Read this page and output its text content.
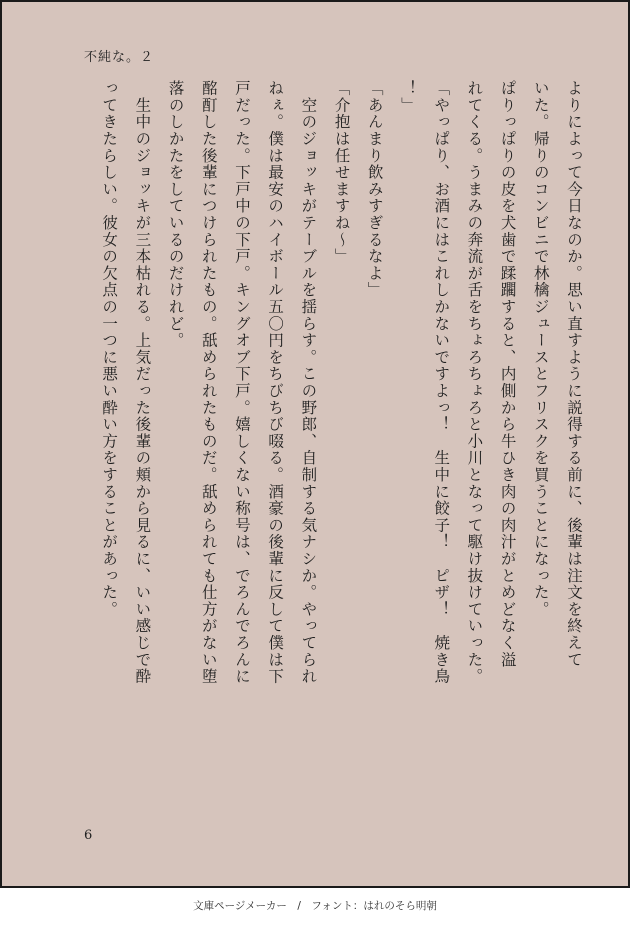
不純な。２
よりによって今日なのか。思い直すように説得する前に、後輩は注文を終えて
いた。帰りのコンビニで林檎ジュースとフリスクを買うことになった。
ぱりっぱりの皮を犬歯で蹂躙すると、内側から牛ひき肉の肉汁がとめどなく溢
れてくる。うまみの奔流が舌をちょろちょろと小川となって駆け抜けていった。
「やっぱり、お酒にはこれしかないですよっ！　生中に餃子！　ピザ！　焼き鳥
！」
「あんまり飲みすぎるなよ」
「介抱は任せますね～」
　空のジョッキがテーブルを揺らす。この野郎、自制する気ナシか。やってられ
ねぇ。僕は最安のハイボール五〇円をちびちび啜る。酒豪の後輩に反して僕は下
戸だった。下戸中の下戸。キングオブ下戸。嬉しくない称号は、でろんでろんに
酩酊した後輩につけられたもの。舐められたものだ。舐められても仕方がない堕
落のしかたをしているのだけれど。
　生中のジョッキが三本枯れる。上気だった後輩の頬から見るに、いい感じで酔
ってきたらしい。彼女の欠点の一つに悪い酔い方をすることがあった。
6
文庫ページメーカー　/　フォント：はれのそら明朝
